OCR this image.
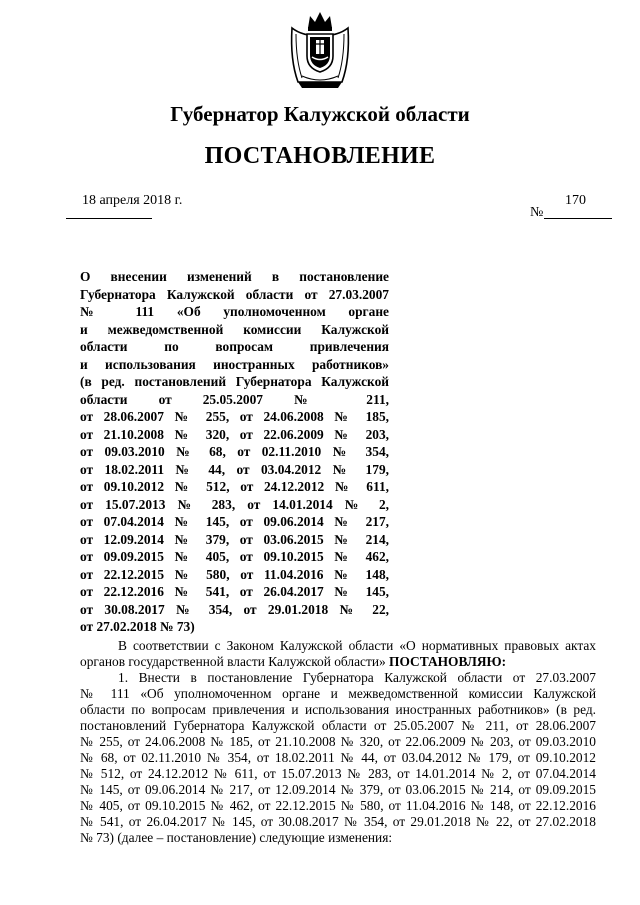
Губернатор Калужской области
ПОСТАНОВЛЕНИЕ
18 апреля 2018 г.	170
№
О внесении изменений в постановление
Губернатора Калужской области от 27.03.2007
№ 111 «Об уполномоченном органе
и межведомственной комиссии Калужской
области по вопросам привлечения
и использования иностранных работников»
(в ред. постановлений Губернатора Калужской
области от 25.05.2007 № 211,
от 28.06.2007 № 255, от 24.06.2008 № 185,
от 21.10.2008 № 320, от 22.06.2009 № 203,
от 09.03.2010 № 68, от 02.11.2010 № 354,
от 18.02.2011 № 44, от 03.04.2012 № 179,
от 09.10.2012 № 512, от 24.12.2012 № 611,
от 15.07.2013 № 283, от 14.01.2014 № 2,
от 07.04.2014 № 145, от 09.06.2014 № 217,
от 12.09.2014 № 379, от 03.06.2015 № 214,
от 09.09.2015 № 405, от 09.10.2015 № 462,
от 22.12.2015 № 580, от 11.04.2016 № 148,
от 22.12.2016 № 541, от 26.04.2017 № 145,
от 30.08.2017 № 354, от 29.01.2018 № 22,
от 27.02.2018 № 73)
В соответствии с Законом Калужской области «О нормативных правовых актах
органов государственной власти Калужской области» ПОСТАНОВЛЯЮ:
1. Внести в постановление Губернатора Калужской области от 27.03.2007
№ 111 «Об уполномоченном органе и межведомственной комиссии Калужской
области по вопросам привлечения и использования иностранных работников» (в ред.
постановлений Губернатора Калужской области от 25.05.2007 № 211, от 28.06.2007
№ 255, от 24.06.2008 № 185, от 21.10.2008 № 320, от 22.06.2009 № 203, от 09.03.2010
№ 68, от 02.11.2010 № 354, от 18.02.2011 № 44, от 03.04.2012 № 179, от 09.10.2012
№ 512, от 24.12.2012 № 611, от 15.07.2013 № 283, от 14.01.2014 № 2, от 07.04.2014
№ 145, от 09.06.2014 № 217, от 12.09.2014 № 379, от 03.06.2015 № 214, от 09.09.2015
№ 405, от 09.10.2015 № 462, от 22.12.2015 № 580, от 11.04.2016 № 148, от 22.12.2016
№ 541, от 26.04.2017 № 145, от 30.08.2017 № 354, от 29.01.2018 № 22, от 27.02.2018
№ 73) (далее – постановление) следующие изменения:
